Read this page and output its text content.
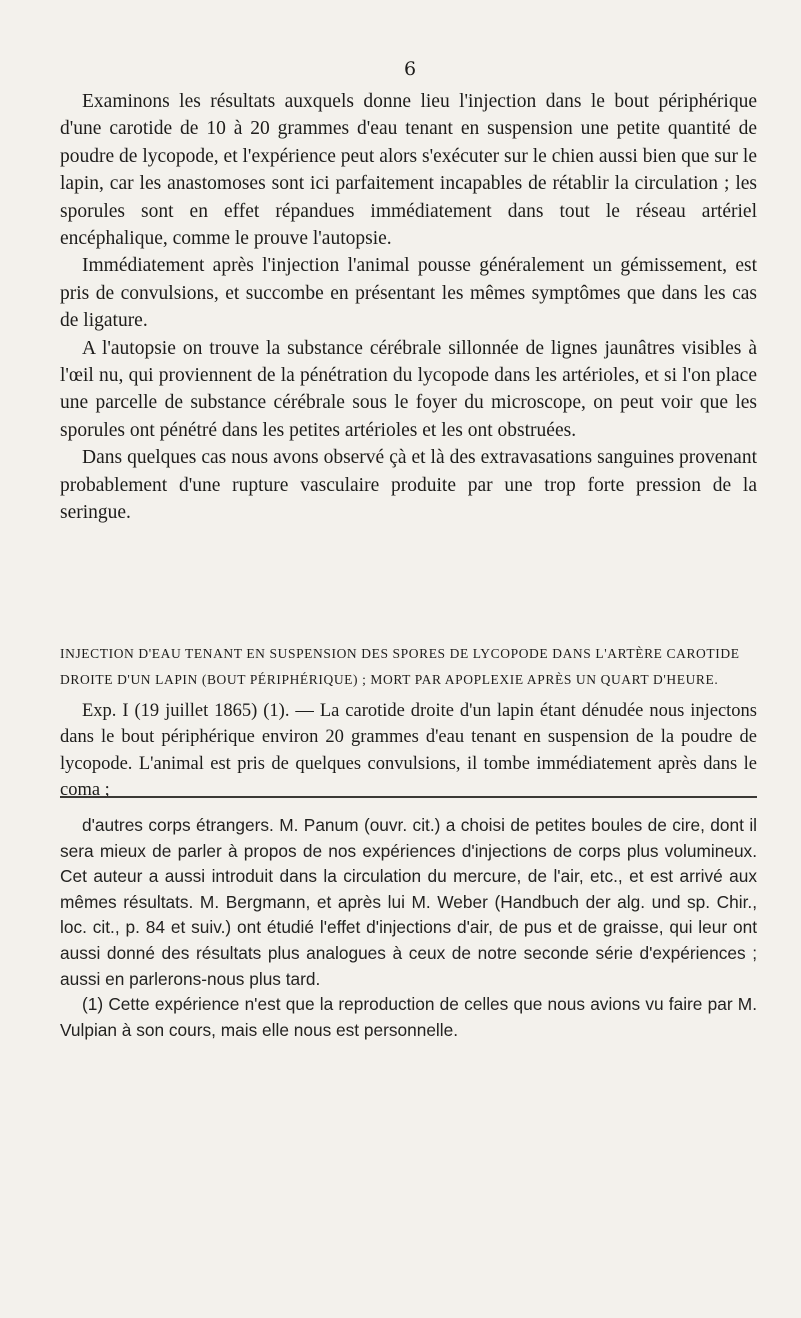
6

Examinons les résultats auxquels donne lieu l'injection dans le bout périphérique d'une carotide de 10 à 20 grammes d'eau tenant en suspension une petite quantité de poudre de lycopode, et l'expérience peut alors s'exécuter sur le chien aussi bien que sur le lapin, car les anastomoses sont ici parfaitement incapables de rétablir la circulation ; les sporules sont en effet répandues immédiatement dans tout le réseau artériel encéphalique, comme le prouve l'autopsie.

Immédiatement après l'injection l'animal pousse généralement un gémissement, est pris de convulsions, et succombe en présentant les mêmes symptômes que dans les cas de ligature.

A l'autopsie on trouve la substance cérébrale sillonnée de lignes jaunâtres visibles à l'œil nu, qui proviennent de la pénétration du lycopode dans les artérioles, et si l'on place une parcelle de substance cérébrale sous le foyer du microscope, on peut voir que les sporules ont pénétré dans les petites artérioles et les ont obstruées.

Dans quelques cas nous avons observé çà et là des extravasations sanguines provenant probablement d'une rupture vasculaire produite par une trop forte pression de la seringue.

INJECTION D'EAU TENANT EN SUSPENSION DES SPORES DE LYCOPODE DANS L'ARTÈRE CAROTIDE DROITE D'UN LAPIN (BOUT PÉRIPHÉRIQUE) ; MORT PAR APOPLEXIE APRÈS UN QUART D'HEURE.

Exp. I (19 juillet 1865) (1). — La carotide droite d'un lapin étant dénudée nous injectons dans le bout périphérique environ 20 grammes d'eau tenant en suspension de la poudre de lycopode. L'animal est pris de quelques convulsions, il tombe immédiatement après dans le coma ;

d'autres corps étrangers. M. Panum (ouvr. cit.) a choisi de petites boules de cire, dont il sera mieux de parler à propos de nos expériences d'injections de corps plus volumineux. Cet auteur a aussi introduit dans la circulation du mercure, de l'air, etc., et est arrivé aux mêmes résultats. M. Bergmann, et après lui M. Weber (Handbuch der alg. und sp. Chir., loc. cit., p. 84 et suiv.) ont étudié l'effet d'injections d'air, de pus et de graisse, qui leur ont aussi donné des résultats plus analogues à ceux de notre seconde série d'expériences ; aussi en parlerons-nous plus tard.

(1) Cette expérience n'est que la reproduction de celles que nous avions vu faire par M. Vulpian à son cours, mais elle nous est personnelle.
